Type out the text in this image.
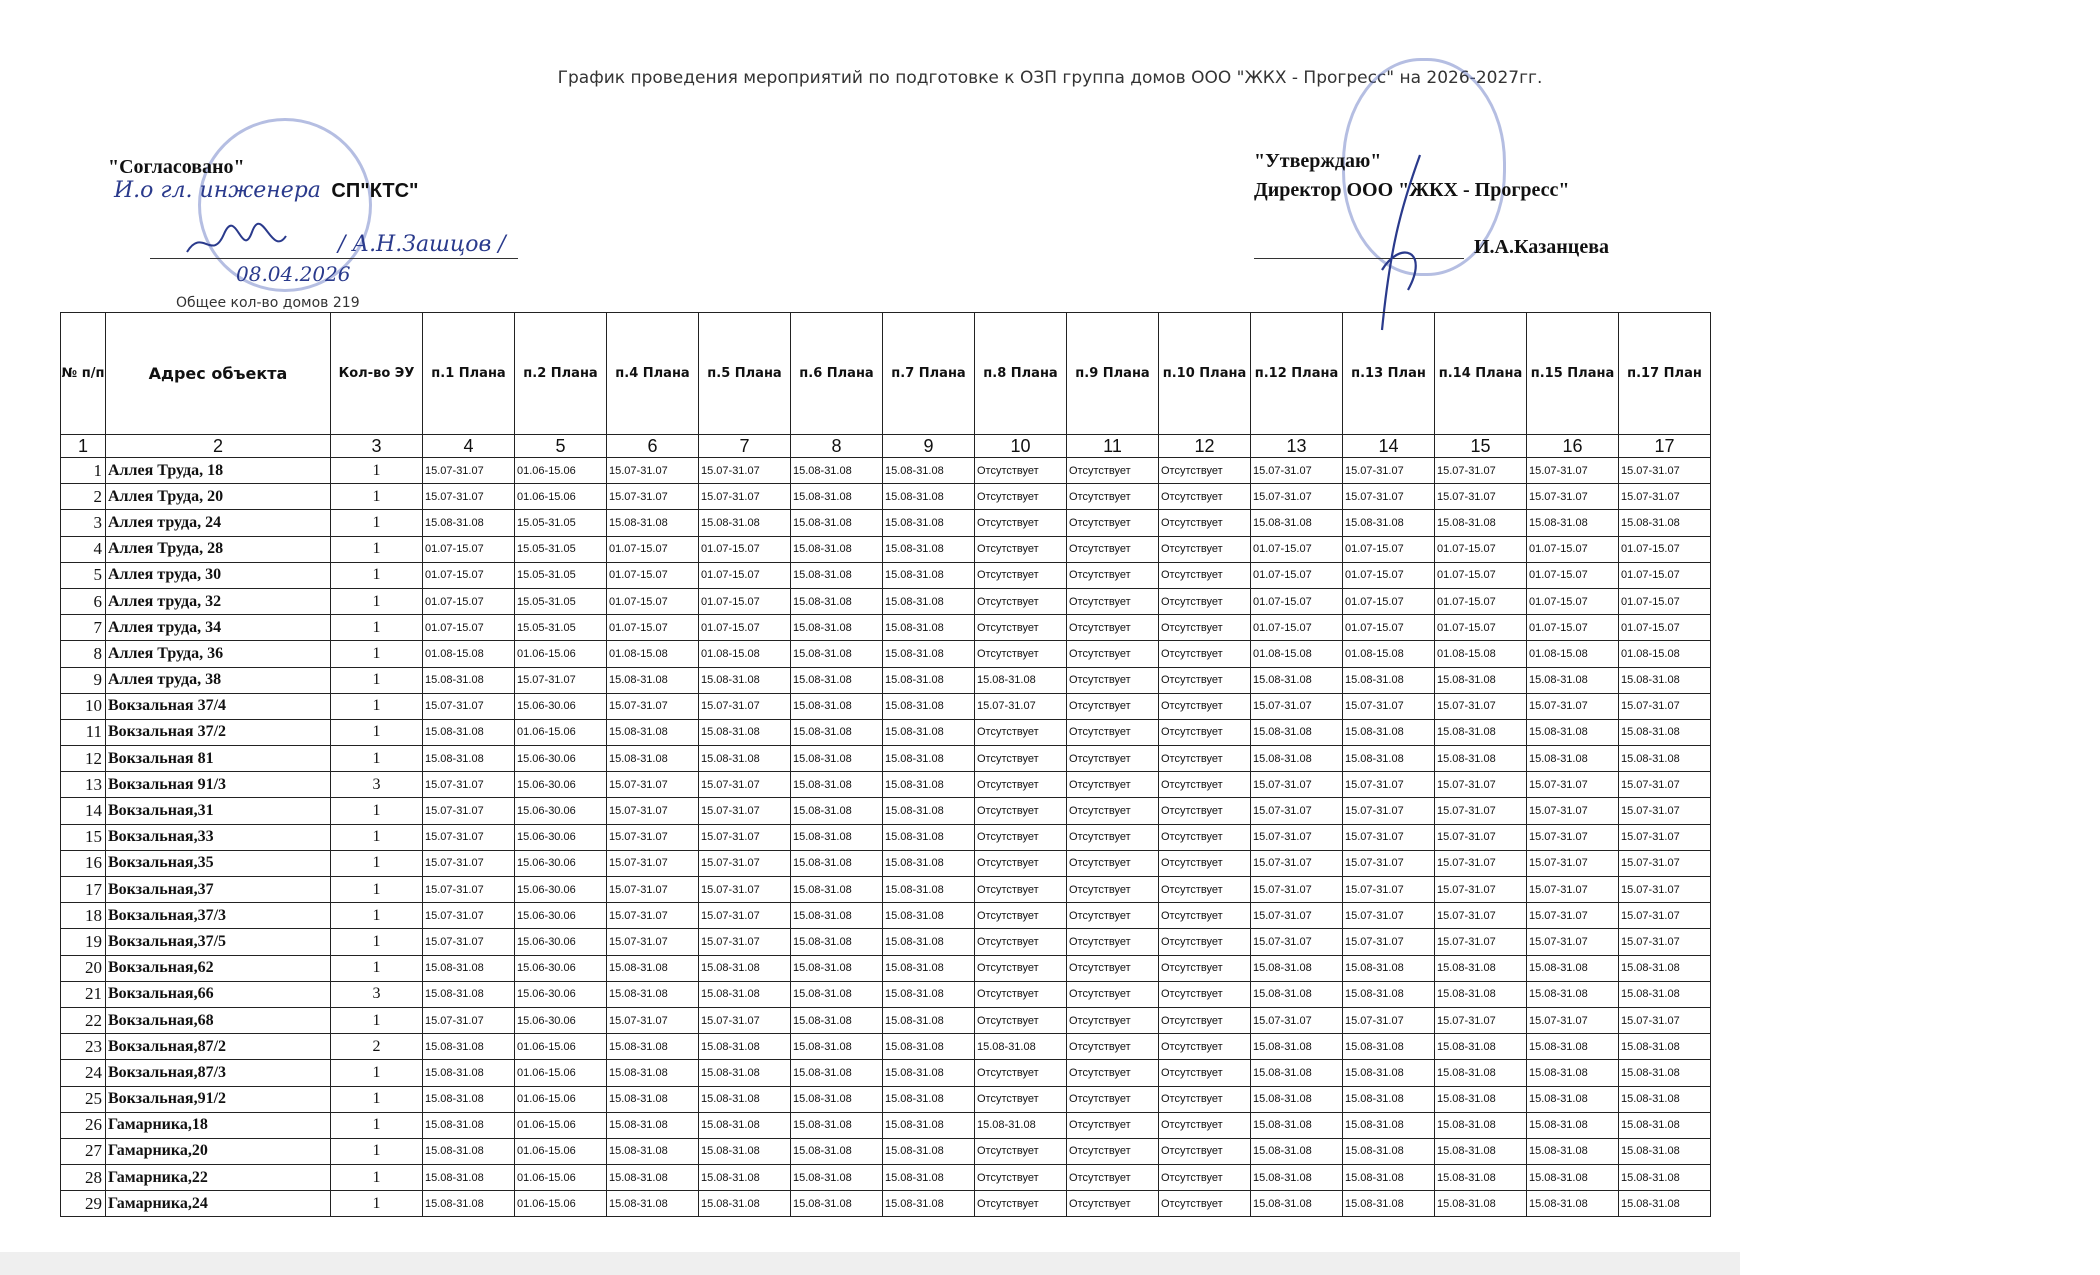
График проведения мероприятий по подготовке к ОЗП группа домов ООО "ЖКХ - Прогресс" на 2026-2027гг.
"Согласовано"
И.о гл. инженера СП"КТС"
/ А.Н.Зашцов /
08.04.2026
Общее кол-во домов 219
"Утверждаю"
Директор ООО "ЖКХ - Прогресс"
И.А.Казанцева
№ п/п	Адрес объекта	Кол-во ЭУ	п.1 Плана	п.2 Плана	п.4 Плана	п.5 Плана	п.6 Плана	п.7 Плана	п.8 Плана	п.9 Плана	п.10 Плана	п.12 Плана	п.13 План	п.14 Плана	п.15 Плана	п.17 План
1	2	3	4	5	6	7	8	9	10	11	12	13	14	15	16	17
1	Аллея Труда, 18	1	15.07-31.07	01.06-15.06	15.07-31.07	15.07-31.07	15.08-31.08	15.08-31.08	Отсутствует	Отсутствует	Отсутствует	15.07-31.07	15.07-31.07	15.07-31.07	15.07-31.07	15.07-31.07
2	Аллея Труда, 20	1	15.07-31.07	01.06-15.06	15.07-31.07	15.07-31.07	15.08-31.08	15.08-31.08	Отсутствует	Отсутствует	Отсутствует	15.07-31.07	15.07-31.07	15.07-31.07	15.07-31.07	15.07-31.07
3	Аллея труда, 24	1	15.08-31.08	15.05-31.05	15.08-31.08	15.08-31.08	15.08-31.08	15.08-31.08	Отсутствует	Отсутствует	Отсутствует	15.08-31.08	15.08-31.08	15.08-31.08	15.08-31.08	15.08-31.08
4	Аллея Труда, 28	1	01.07-15.07	15.05-31.05	01.07-15.07	01.07-15.07	15.08-31.08	15.08-31.08	Отсутствует	Отсутствует	Отсутствует	01.07-15.07	01.07-15.07	01.07-15.07	01.07-15.07	01.07-15.07
5	Аллея труда, 30	1	01.07-15.07	15.05-31.05	01.07-15.07	01.07-15.07	15.08-31.08	15.08-31.08	Отсутствует	Отсутствует	Отсутствует	01.07-15.07	01.07-15.07	01.07-15.07	01.07-15.07	01.07-15.07
6	Аллея труда, 32	1	01.07-15.07	15.05-31.05	01.07-15.07	01.07-15.07	15.08-31.08	15.08-31.08	Отсутствует	Отсутствует	Отсутствует	01.07-15.07	01.07-15.07	01.07-15.07	01.07-15.07	01.07-15.07
7	Аллея труда, 34	1	01.07-15.07	15.05-31.05	01.07-15.07	01.07-15.07	15.08-31.08	15.08-31.08	Отсутствует	Отсутствует	Отсутствует	01.07-15.07	01.07-15.07	01.07-15.07	01.07-15.07	01.07-15.07
8	Аллея Труда, 36	1	01.08-15.08	01.06-15.06	01.08-15.08	01.08-15.08	15.08-31.08	15.08-31.08	Отсутствует	Отсутствует	Отсутствует	01.08-15.08	01.08-15.08	01.08-15.08	01.08-15.08	01.08-15.08
9	Аллея труда, 38	1	15.08-31.08	15.07-31.07	15.08-31.08	15.08-31.08	15.08-31.08	15.08-31.08	15.08-31.08	Отсутствует	Отсутствует	15.08-31.08	15.08-31.08	15.08-31.08	15.08-31.08	15.08-31.08
10	Вокзальная 37/4	1	15.07-31.07	15.06-30.06	15.07-31.07	15.07-31.07	15.08-31.08	15.08-31.08	15.07-31.07	Отсутствует	Отсутствует	15.07-31.07	15.07-31.07	15.07-31.07	15.07-31.07	15.07-31.07
11	Вокзальная 37/2	1	15.08-31.08	01.06-15.06	15.08-31.08	15.08-31.08	15.08-31.08	15.08-31.08	Отсутствует	Отсутствует	Отсутствует	15.08-31.08	15.08-31.08	15.08-31.08	15.08-31.08	15.08-31.08
12	Вокзальная 81	1	15.08-31.08	15.06-30.06	15.08-31.08	15.08-31.08	15.08-31.08	15.08-31.08	Отсутствует	Отсутствует	Отсутствует	15.08-31.08	15.08-31.08	15.08-31.08	15.08-31.08	15.08-31.08
13	Вокзальная 91/3	3	15.07-31.07	15.06-30.06	15.07-31.07	15.07-31.07	15.08-31.08	15.08-31.08	Отсутствует	Отсутствует	Отсутствует	15.07-31.07	15.07-31.07	15.07-31.07	15.07-31.07	15.07-31.07
14	Вокзальная,31	1	15.07-31.07	15.06-30.06	15.07-31.07	15.07-31.07	15.08-31.08	15.08-31.08	Отсутствует	Отсутствует	Отсутствует	15.07-31.07	15.07-31.07	15.07-31.07	15.07-31.07	15.07-31.07
15	Вокзальная,33	1	15.07-31.07	15.06-30.06	15.07-31.07	15.07-31.07	15.08-31.08	15.08-31.08	Отсутствует	Отсутствует	Отсутствует	15.07-31.07	15.07-31.07	15.07-31.07	15.07-31.07	15.07-31.07
16	Вокзальная,35	1	15.07-31.07	15.06-30.06	15.07-31.07	15.07-31.07	15.08-31.08	15.08-31.08	Отсутствует	Отсутствует	Отсутствует	15.07-31.07	15.07-31.07	15.07-31.07	15.07-31.07	15.07-31.07
17	Вокзальная,37	1	15.07-31.07	15.06-30.06	15.07-31.07	15.07-31.07	15.08-31.08	15.08-31.08	Отсутствует	Отсутствует	Отсутствует	15.07-31.07	15.07-31.07	15.07-31.07	15.07-31.07	15.07-31.07
18	Вокзальная,37/3	1	15.07-31.07	15.06-30.06	15.07-31.07	15.07-31.07	15.08-31.08	15.08-31.08	Отсутствует	Отсутствует	Отсутствует	15.07-31.07	15.07-31.07	15.07-31.07	15.07-31.07	15.07-31.07
19	Вокзальная,37/5	1	15.07-31.07	15.06-30.06	15.07-31.07	15.07-31.07	15.08-31.08	15.08-31.08	Отсутствует	Отсутствует	Отсутствует	15.07-31.07	15.07-31.07	15.07-31.07	15.07-31.07	15.07-31.07
20	Вокзальная,62	1	15.08-31.08	15.06-30.06	15.08-31.08	15.08-31.08	15.08-31.08	15.08-31.08	Отсутствует	Отсутствует	Отсутствует	15.08-31.08	15.08-31.08	15.08-31.08	15.08-31.08	15.08-31.08
21	Вокзальная,66	3	15.08-31.08	15.06-30.06	15.08-31.08	15.08-31.08	15.08-31.08	15.08-31.08	Отсутствует	Отсутствует	Отсутствует	15.08-31.08	15.08-31.08	15.08-31.08	15.08-31.08	15.08-31.08
22	Вокзальная,68	1	15.07-31.07	15.06-30.06	15.07-31.07	15.07-31.07	15.08-31.08	15.08-31.08	Отсутствует	Отсутствует	Отсутствует	15.07-31.07	15.07-31.07	15.07-31.07	15.07-31.07	15.07-31.07
23	Вокзальная,87/2	2	15.08-31.08	01.06-15.06	15.08-31.08	15.08-31.08	15.08-31.08	15.08-31.08	15.08-31.08	Отсутствует	Отсутствует	15.08-31.08	15.08-31.08	15.08-31.08	15.08-31.08	15.08-31.08
24	Вокзальная,87/3	1	15.08-31.08	01.06-15.06	15.08-31.08	15.08-31.08	15.08-31.08	15.08-31.08	Отсутствует	Отсутствует	Отсутствует	15.08-31.08	15.08-31.08	15.08-31.08	15.08-31.08	15.08-31.08
25	Вокзальная,91/2	1	15.08-31.08	01.06-15.06	15.08-31.08	15.08-31.08	15.08-31.08	15.08-31.08	Отсутствует	Отсутствует	Отсутствует	15.08-31.08	15.08-31.08	15.08-31.08	15.08-31.08	15.08-31.08
26	Гамарника,18	1	15.08-31.08	01.06-15.06	15.08-31.08	15.08-31.08	15.08-31.08	15.08-31.08	15.08-31.08	Отсутствует	Отсутствует	15.08-31.08	15.08-31.08	15.08-31.08	15.08-31.08	15.08-31.08
27	Гамарника,20	1	15.08-31.08	01.06-15.06	15.08-31.08	15.08-31.08	15.08-31.08	15.08-31.08	Отсутствует	Отсутствует	Отсутствует	15.08-31.08	15.08-31.08	15.08-31.08	15.08-31.08	15.08-31.08
28	Гамарника,22	1	15.08-31.08	01.06-15.06	15.08-31.08	15.08-31.08	15.08-31.08	15.08-31.08	Отсутствует	Отсутствует	Отсутствует	15.08-31.08	15.08-31.08	15.08-31.08	15.08-31.08	15.08-31.08
29	Гамарника,24	1	15.08-31.08	01.06-15.06	15.08-31.08	15.08-31.08	15.08-31.08	15.08-31.08	Отсутствует	Отсутствует	Отсутствует	15.08-31.08	15.08-31.08	15.08-31.08	15.08-31.08	15.08-31.08
